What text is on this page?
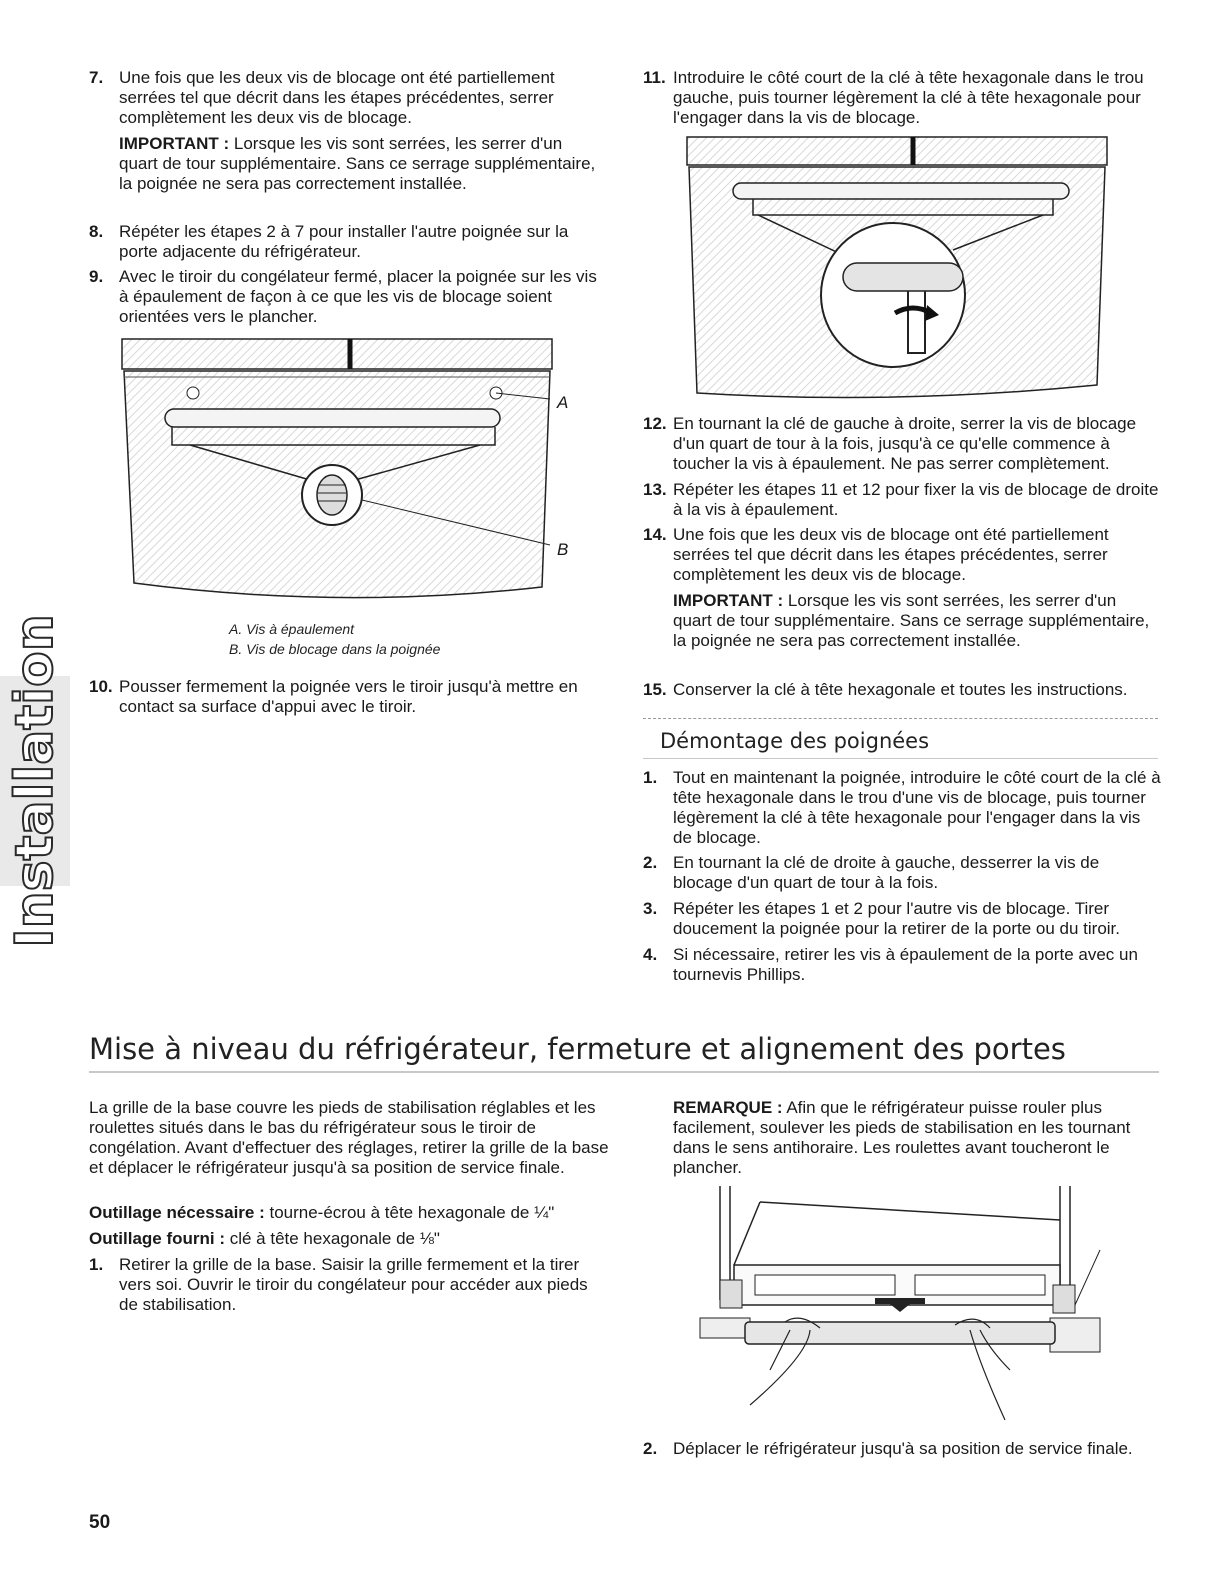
Installation
7. Une fois que les deux vis de blocage ont été partiellement serrées tel que décrit dans les étapes précédentes, serrer complètement les deux vis de blocage.
IMPORTANT : Lorsque les vis sont serrées, les serrer d'un quart de tour supplémentaire. Sans ce serrage supplémentaire, la poignée ne sera pas correctement installée.
8. Répéter les étapes 2 à 7 pour installer l'autre poignée sur la porte adjacente du réfrigérateur.
9. Avec le tiroir du congélateur fermé, placer la poignée sur les vis à épaulement de façon à ce que les vis de blocage soient orientées vers le plancher.
A
B
A. Vis à épaulement
B. Vis de blocage dans la poignée
10. Pousser fermement la poignée vers le tiroir jusqu'à mettre en contact sa surface d'appui avec le tiroir.
11. Introduire le côté court de la clé à tête hexagonale dans le trou gauche, puis tourner légèrement la clé à tête hexagonale pour l'engager dans la vis de blocage.
12. En tournant la clé de gauche à droite, serrer la vis de blocage d'un quart de tour à la fois, jusqu'à ce qu'elle commence à toucher la vis à épaulement. Ne pas serrer complètement.
13. Répéter les étapes 11 et 12 pour fixer la vis de blocage de droite à la vis à épaulement.
14. Une fois que les deux vis de blocage ont été partiellement serrées tel que décrit dans les étapes précédentes, serrer complètement les deux vis de blocage.
IMPORTANT : Lorsque les vis sont serrées, les serrer d'un quart de tour supplémentaire. Sans ce serrage supplémentaire, la poignée ne sera pas correctement installée.
15. Conserver la clé à tête hexagonale et toutes les instructions.
Démontage des poignées
1. Tout en maintenant la poignée, introduire le côté court de la clé à tête hexagonale dans le trou d'une vis de blocage, puis tourner légèrement la clé à tête hexagonale pour l'engager dans la vis de blocage.
2. En tournant la clé de droite à gauche, desserrer la vis de blocage d'un quart de tour à la fois.
3. Répéter les étapes 1 et 2 pour l'autre vis de blocage. Tirer doucement la poignée pour la retirer de la porte ou du tiroir.
4. Si nécessaire, retirer les vis à épaulement de la porte avec un tournevis Phillips.
Mise à niveau du réfrigérateur, fermeture et alignement des portes
La grille de la base couvre les pieds de stabilisation réglables et les roulettes situés dans le bas du réfrigérateur sous le tiroir de congélation. Avant d'effectuer des réglages, retirer la grille de la base et déplacer le réfrigérateur jusqu'à sa position de service finale.
Outillage nécessaire : tourne-écrou à tête hexagonale de ¼"
Outillage fourni : clé à tête hexagonale de ⅛"
1. Retirer la grille de la base. Saisir la grille fermement et la tirer vers soi. Ouvrir le tiroir du congélateur pour accéder aux pieds de stabilisation.
REMARQUE : Afin que le réfrigérateur puisse rouler plus facilement, soulever les pieds de stabilisation en les tournant dans le sens antihoraire. Les roulettes avant toucheront le plancher.
2. Déplacer le réfrigérateur jusqu'à sa position de service finale.
50
